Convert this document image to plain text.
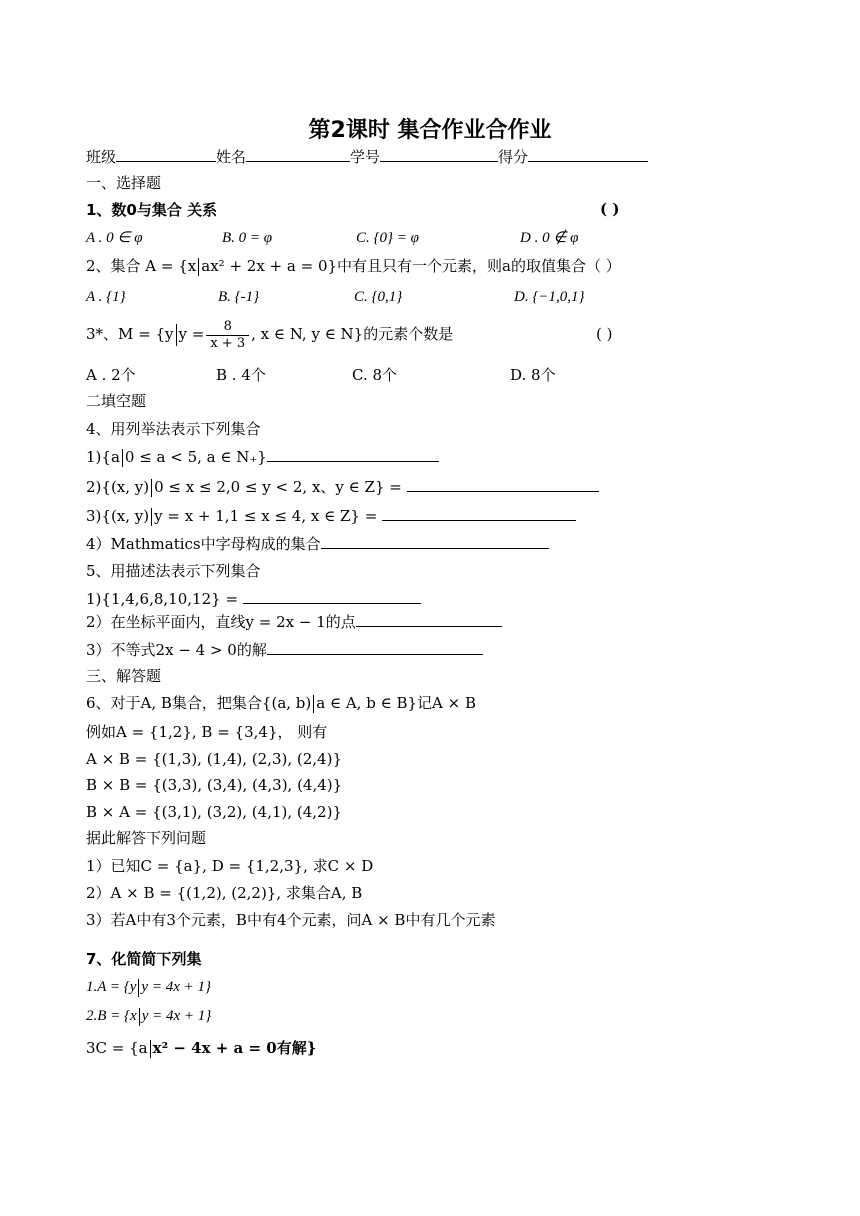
第2课时 集合作业合作业
班级	姓名	学号	得分
一、选择题
1、数0与集合 关系	( )
A . 0 ∈ φ	B. 0 = φ	C. {0} = φ	D . 0 ∉ φ
2、集合 A = {x ax² + 2x + a = 0}中有且只有一个元素，则a的取值集合（ ）
A . {1}	B. {-1}	C. {0,1}	D. {−1,0,1}
3*、M = {y $y = \frac{8}{x + 3}$ , x ∈ N, y ∈ N}的元素个数是	( )
A . 2个	B . 4个	C. 8个	D. 8个
二填空题
4、用列举法表示下列集合
1){a 0 ≤ a < 5, a ∈ N₊}
2){(x, y) 0 ≤ x ≤ 2,0 ≤ y < 2, x、y ∈ Z} =
3){(x, y) y = x + 1,1 ≤ x ≤ 4, x ∈ Z} =
4）Mathmatics中字母构成的集合
5、用描述法表示下列集合
1){1,4,6,8,10,12} =
2）在坐标平面内，直线y = 2x − 1的点
3）不等式2x − 4 > 0的解
三、解答题
6、对于A, B集合，把集合{(a, b) a ∈ A, b ∈ B}记A × B
例如A = {1,2}, B = {3,4}， 则有
A × B = {(1,3), (1,4), (2,3), (2,4)}
B × B = {(3,3), (3,4), (4,3), (4,4)}
B × A = {(3,1), (3,2), (4,1), (4,2)}
据此解答下列问题
1）已知C = {a}, D = {1,2,3}, 求C × D
2）A × B = {(1,2), (2,2)}, 求集合A, B
3）若A中有3个元素，B中有4个元素，问A × B中有几个元素
7、化简简下列集
1.A = {y y = 4x + 1}
2.B = {x y = 4x + 1}
3C = {a x² − 4x + a = 0有解}
